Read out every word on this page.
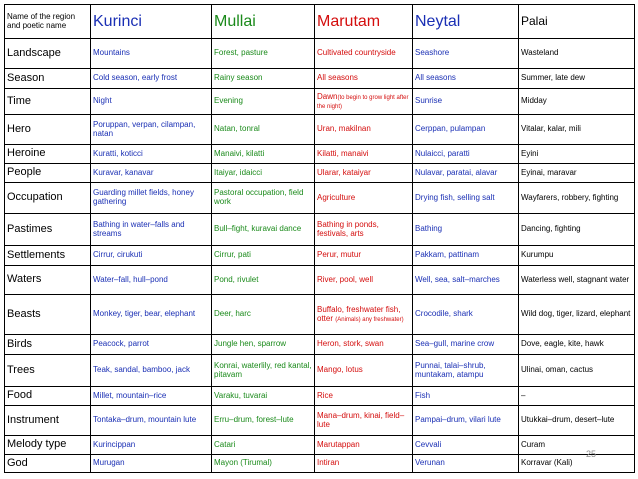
Name of the region and poetic name	Kurinci	Mullai	Marutam	Neytal	Palai
Landscape	Mountains	Forest, pasture	Cultivated countryside	Seashore	Wasteland
Season	Cold season, early frost	Rainy season	All seasons	All seasons	Summer, late dew
Time	Night	Evening	Dawn(to begin to grow light after the night)	Sunrise	Midday
Hero	Poruppan, verpan, cilampan, natan	Natan, tonral	Uran, makilnan	Cerppan, pulampan	Vitalar, kalar, mili
Heroine	Kuratti, koticci	Manaivi, kilatti	Kilatti, manaivi	Nulaicci, paratti	Eyini
People	Kuravar, kanavar	Itaiyar, idaicci	Ularar, kataiyar	Nulavar, paratai, alavar	Eyinai, maravar
Occupation	Guarding millet fields, honey gathering	Pastoral occupation, field work	Agriculture	Drying fish, selling salt	Wayfarers, robbery, fighting
Pastimes	Bathing in water–falls and streams	Bull–fight, kuravai dance	Bathing in ponds, festivals, arts	Bathing	Dancing, fighting
Settlements	Cirrur, cirukuti	Cirrur, pati	Perur, mutur	Pakkam, pattinam	Kurumpu
Waters	Water–fall, hull–pond	Pond, rivulet	River, pool, well	Well, sea, salt–marches	Waterless well, stagnant water
Beasts	Monkey, tiger, bear, elephant	Deer, harc	Buffalo, freshwater fish, otter (Animals) any freshwater)	Crocodile, shark	Wild dog, tiger, lizard, elephant
Birds	Peacock, parrot	Jungle hen, sparrow	Heron, stork, swan	Sea–gull, marine crow	Dove, eagle, kite, hawk
Trees	Teak, sandal, bamboo, jack	Konrai, waterlily, red kantal, pitavam	Mango, lotus	Punnai, talai–shrub, muntakam, atampu	Ulinai, oman, cactus
Food	Millet, mountain–rice	Varaku, tuvarai	Rice	Fish	–
Instrument	Tontaka–drum, mountain lute	Erru–drum, forest–lute	Mana–drum, kinai, field–lute	Pampai–drum, vilari lute	Utukkai–drum, desert–lute
Melody type	Kurincippan	Catari	Marutappan	Cevvali	Curam
God	Murugan	Mayon (Tirumal)	Intiran	Verunan	Korravar (Kali)
25
